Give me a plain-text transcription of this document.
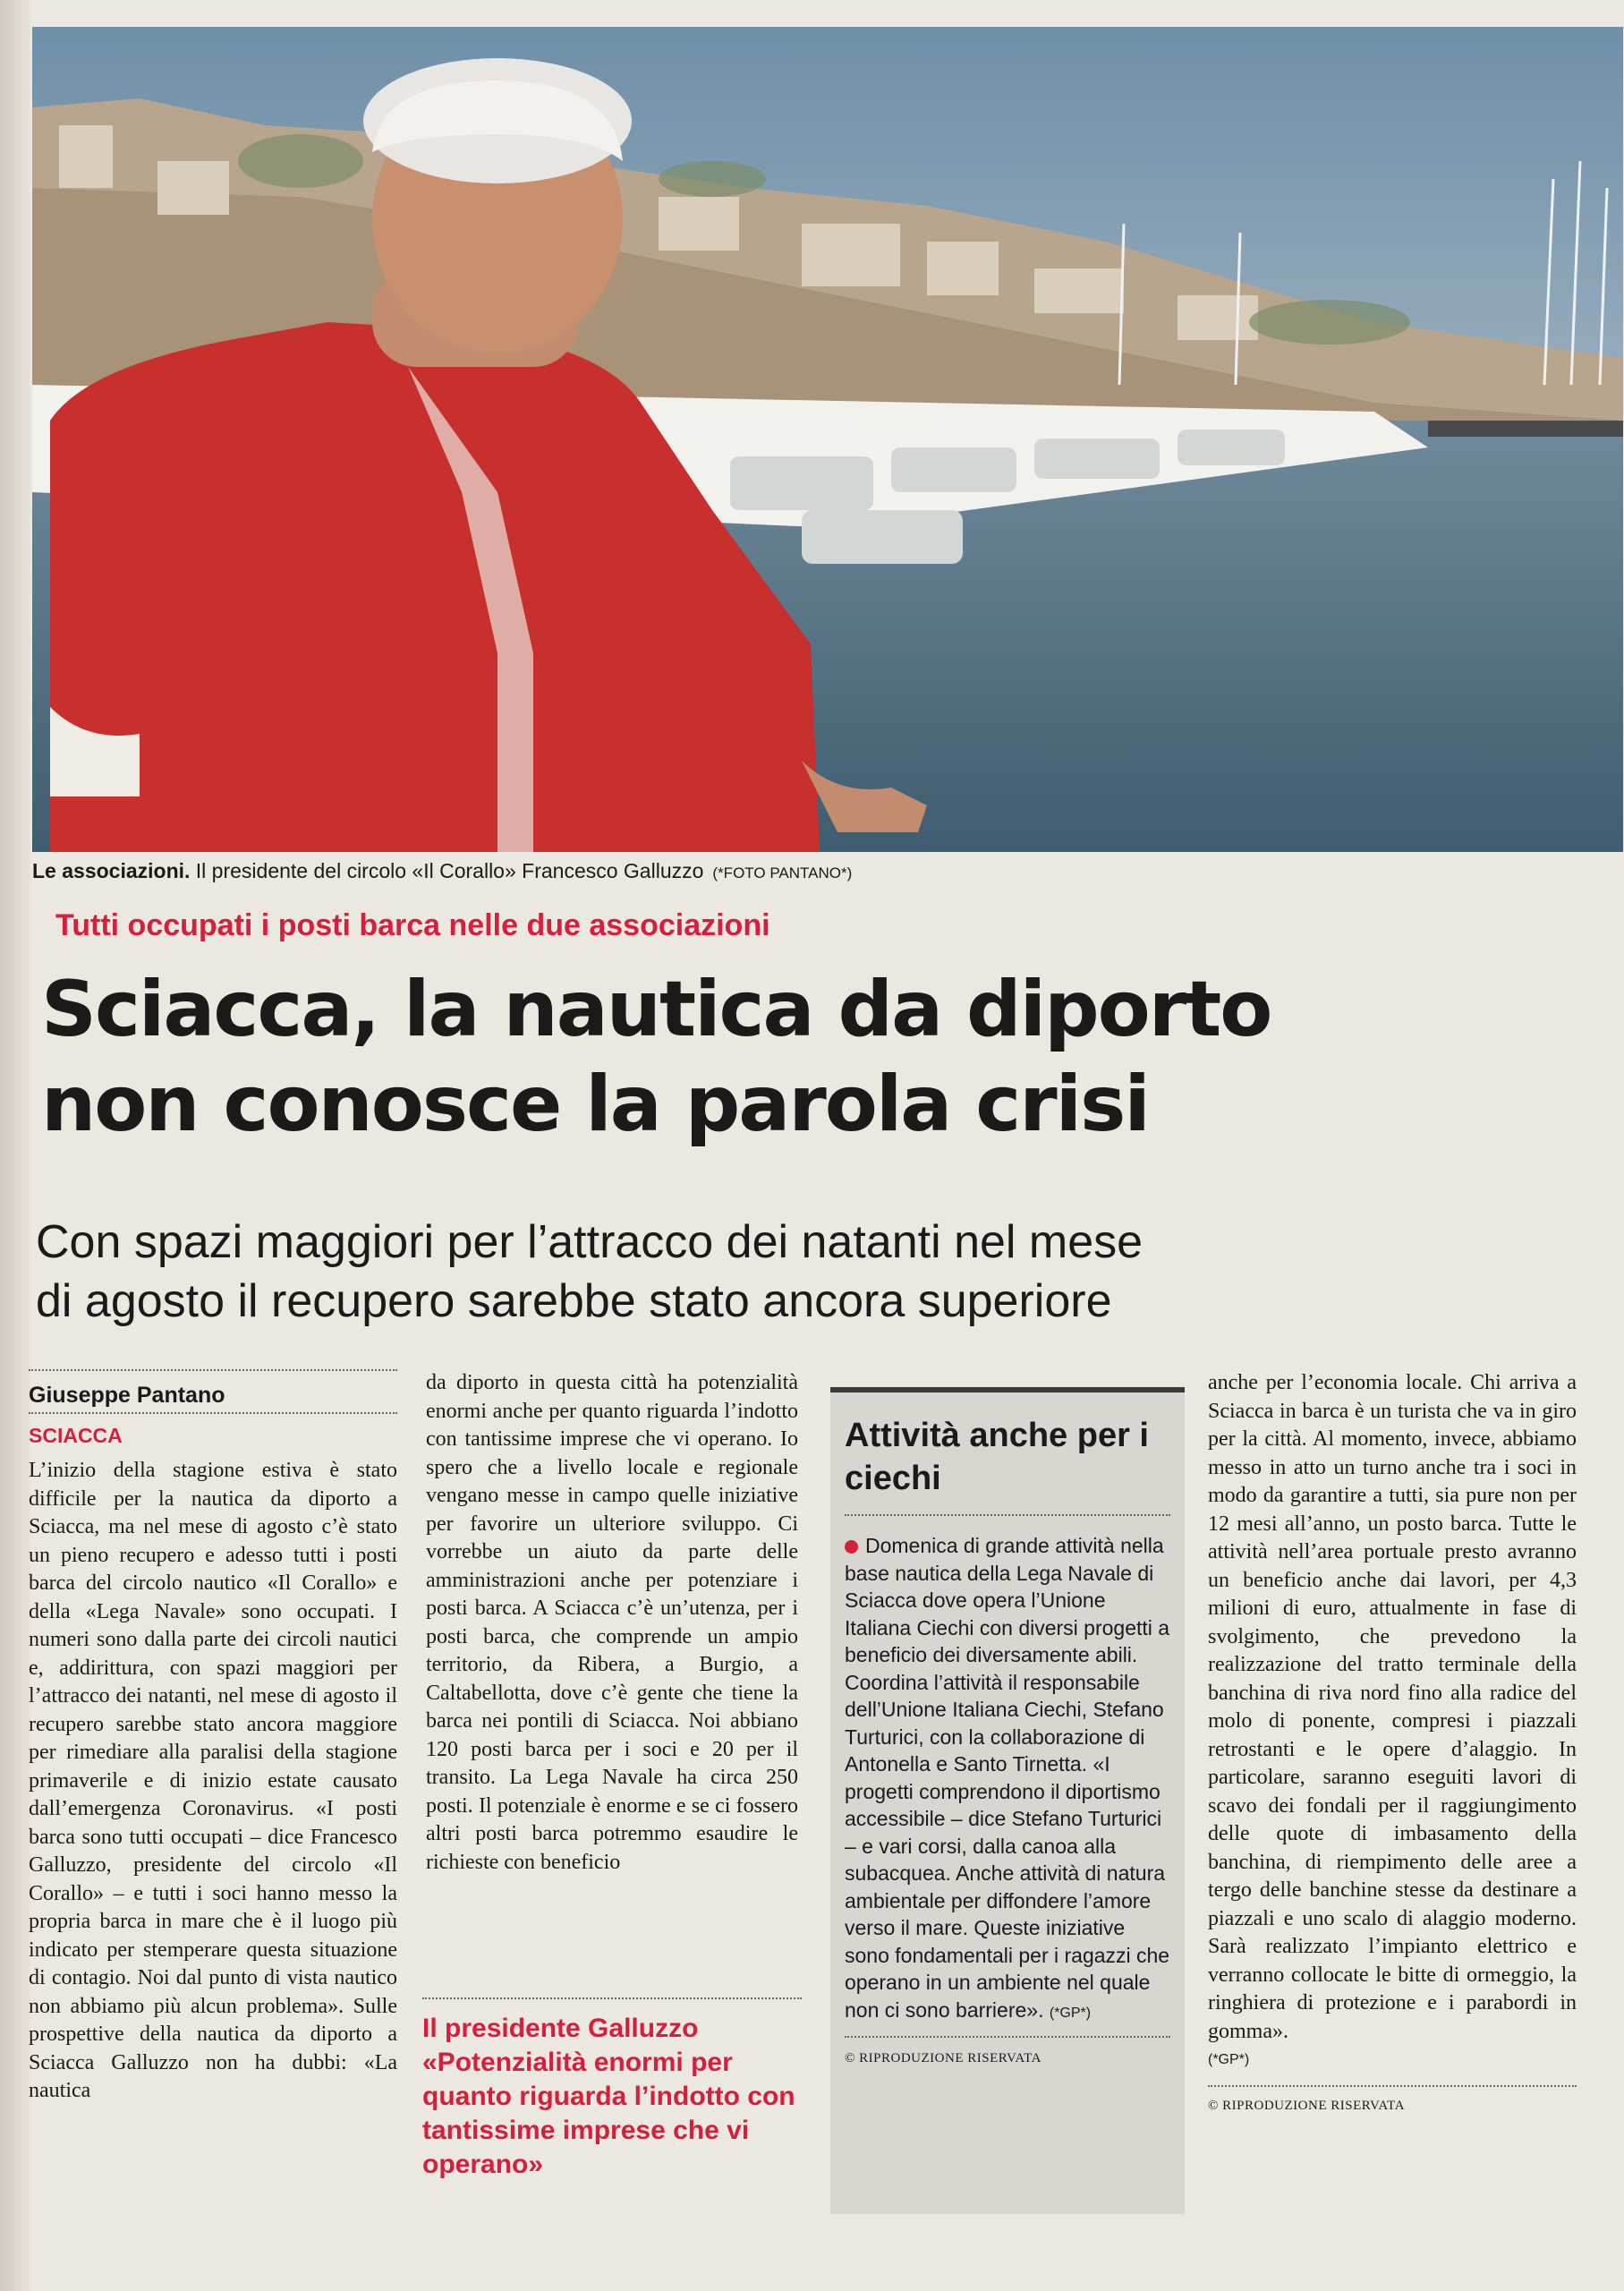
Le associazioni. Il presidente del circolo «Il Corallo» Francesco Galluzzo (*FOTO PANTANO*)
Tutti occupati i posti barca nelle due associazioni
Sciacca, la nautica da diporto
non conosce la parola crisi
Con spazi maggiori per l’attracco dei natanti nel mese
di agosto il recupero sarebbe stato ancora superiore
Giuseppe Pantano
SCIACCA

L’inizio della stagione estiva è stato difficile per la nautica da diporto a Sciacca, ma nel mese di agosto c’è stato un pieno recupero e adesso tutti i posti barca del circolo nautico «Il Corallo» e della «Lega Navale» sono occupati. I numeri sono dalla parte dei circoli nautici e, addirittura, con spazi maggiori per l’attracco dei natanti, nel mese di agosto il recupero sarebbe stato ancora maggiore per rimediare alla paralisi della stagione primaverile e di inizio estate causato dall’emergenza Coronavirus. «I posti barca sono tutti occupati – dice Francesco Galluzzo, presidente del circolo «Il Corallo» – e tutti i soci hanno messo la propria barca in mare che è il luogo più indicato per stemperare questa situazione di contagio. Noi dal punto di vista nautico non abbiamo più alcun problema». Sulle prospettive della nautica da diporto a Sciacca Galluzzo non ha dubbi: «La nautica

da diporto in questa città ha potenzialità enormi anche per quanto riguarda l’indotto con tantissime imprese che vi operano. Io spero che a livello locale e regionale vengano messe in campo quelle iniziative per favorire un ulteriore sviluppo. Ci vorrebbe un aiuto da parte delle amministrazioni anche per potenziare i posti barca. A Sciacca c’è un’utenza, per i posti barca, che comprende un ampio territorio, da Ribera, a Burgio, a Caltabellotta, dove c’è gente che tiene la barca nei pontili di Sciacca. Noi abbiano 120 posti barca per i soci e 20 per il transito. La Lega Navale ha circa 250 posti. Il potenziale è enorme e se ci fossero altri posti barca potremmo esaudire le richieste con beneficio

Il presidente Galluzzo «Potenzialità enormi per quanto riguarda l’indotto con tantissime imprese che vi operano»
Attività anche per i ciechi
Domenica di grande attività nella base nautica della Lega Navale di Sciacca dove opera l’Unione Italiana Ciechi con diversi progetti a beneficio dei diversamente abili. Coordina l’attività il responsabile dell’Unione Italiana Ciechi, Stefano Turturici, con la collaborazione di Antonella e Santo Tirnetta. «I progetti comprendono il diportismo accessibile – dice Stefano Turturici – e vari corsi, dalla canoa alla subacquea. Anche attività di natura ambientale per diffondere l’amore verso il mare. Queste iniziative sono fondamentali per i ragazzi che operano in un ambiente nel quale non ci sono barriere». (*GP*)
© RIPRODUZIONE RISERVATA

anche per l’economia locale. Chi arriva a Sciacca in barca è un turista che va in giro per la città. Al momento, invece, abbiamo messo in atto un turno anche tra i soci in modo da garantire a tutti, sia pure non per 12 mesi all’anno, un posto barca. Tutte le attività nell’area portuale presto avranno un beneficio anche dai lavori, per 4,3 milioni di euro, attualmente in fase di svolgimento, che prevedono la realizzazione del tratto terminale della banchina di riva nord fino alla radice del molo di ponente, compresi i piazzali retrostanti e le opere d’alaggio. In particolare, saranno eseguiti lavori di scavo dei fondali per il raggiungimento delle quote di imbasamento della banchina, di riempimento delle aree a tergo delle banchine stesse da destinare a piazzali e uno scalo di alaggio moderno. Sarà realizzato l’impianto elettrico e verranno collocate le bitte di ormeggio, la ringhiera di protezione e i parabordi in gomma».

(*GP*)
© RIPRODUZIONE RISERVATA
